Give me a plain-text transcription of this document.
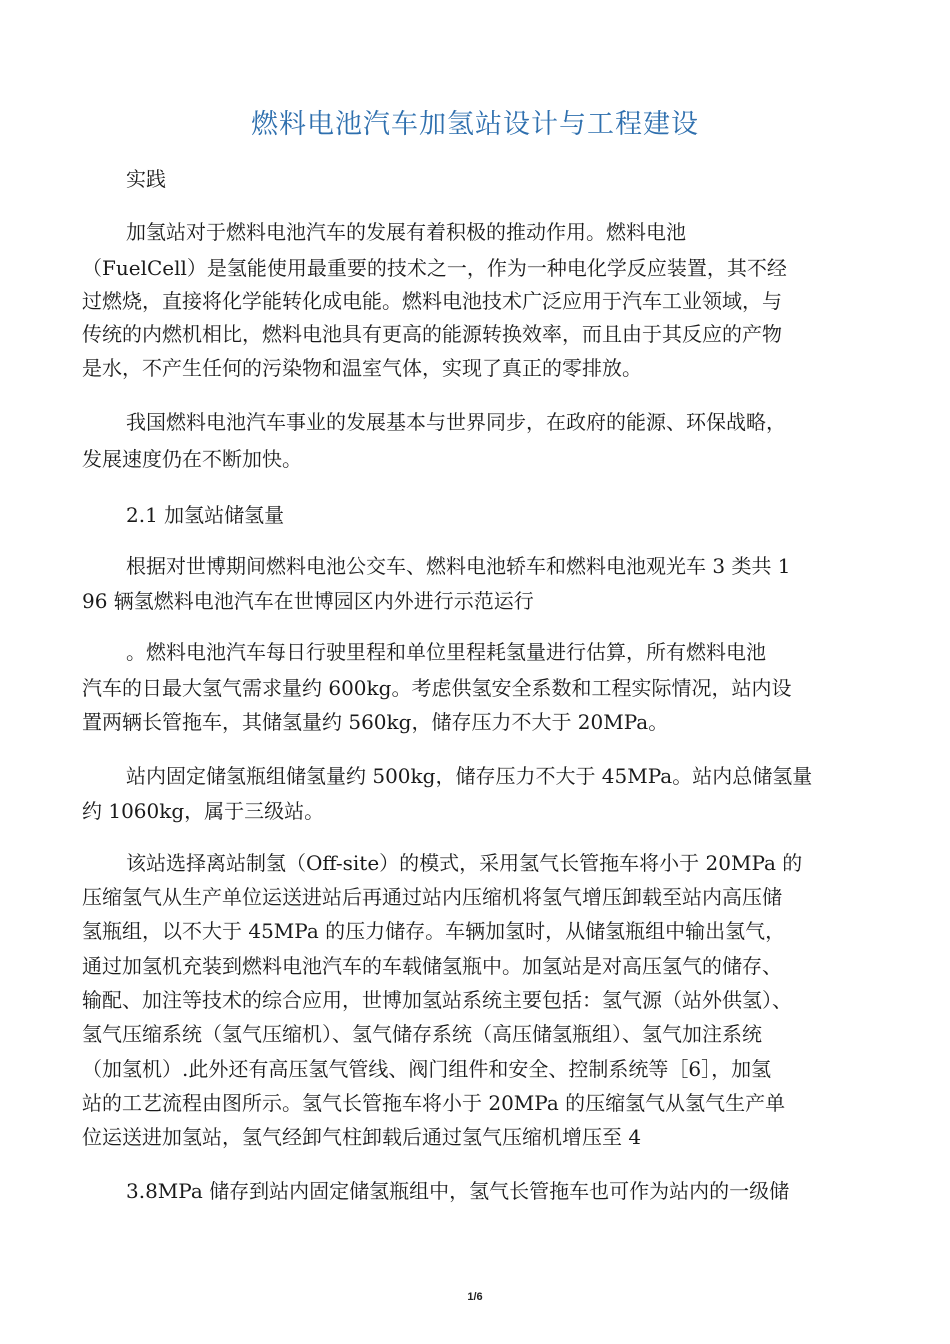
燃料电池汽车加氢站设计与工程建设

实践

加氢站对于燃料电池汽车的发展有着积极的推动作用。燃料电池

（FuelCell）是氢能使用最重要的技术之一，作为一种电化学反应装置，其不经

过燃烧，直接将化学能转化成电能。燃料电池技术广泛应用于汽车工业领域，与

传统的内燃机相比，燃料电池具有更高的能源转换效率，而且由于其反应的产物

是水，不产生任何的污染物和温室气体，实现了真正的零排放。

我国燃料电池汽车事业的发展基本与世界同步，在政府的能源、环保战略，

发展速度仍在不断加快。

2.1 加氢站储氢量

根据对世博期间燃料电池公交车、燃料电池轿车和燃料电池观光车 3 类共 1

96 辆氢燃料电池汽车在世博园区内外进行示范运行

。燃料电池汽车每日行驶里程和单位里程耗氢量进行估算，所有燃料电池

汽车的日最大氢气需求量约 600kg。考虑供氢安全系数和工程实际情况，站内设

置两辆长管拖车，其储氢量约 560kg，储存压力不大于 20MPa。

站内固定储氢瓶组储氢量约 500kg，储存压力不大于 45MPa。站内总储氢量

约 1060kg，属于三级站。

该站选择离站制氢（Off-site）的模式，采用氢气长管拖车将小于 20MPa 的

压缩氢气从生产单位运送进站后再通过站内压缩机将氢气增压卸载至站内高压储

氢瓶组，以不大于 45MPa 的压力储存。车辆加氢时，从储氢瓶组中输出氢气，

通过加氢机充装到燃料电池汽车的车载储氢瓶中。加氢站是对高压氢气的储存、

输配、加注等技术的综合应用，世博加氢站系统主要包括：氢气源（站外供氢）、

氢气压缩系统（氢气压缩机）、氢气储存系统（高压储氢瓶组）、氢气加注系统

（加氢机）.此外还有高压氢气管线、阀门组件和安全、控制系统等［6］，加氢

站的工艺流程由图所示。氢气长管拖车将小于 20MPa 的压缩氢气从氢气生产单

位运送进加氢站，氢气经卸气柱卸载后通过氢气压缩机增压至 4

3.8MPa 储存到站内固定储氢瓶组中，氢气长管拖车也可作为站内的一级储

1/6
